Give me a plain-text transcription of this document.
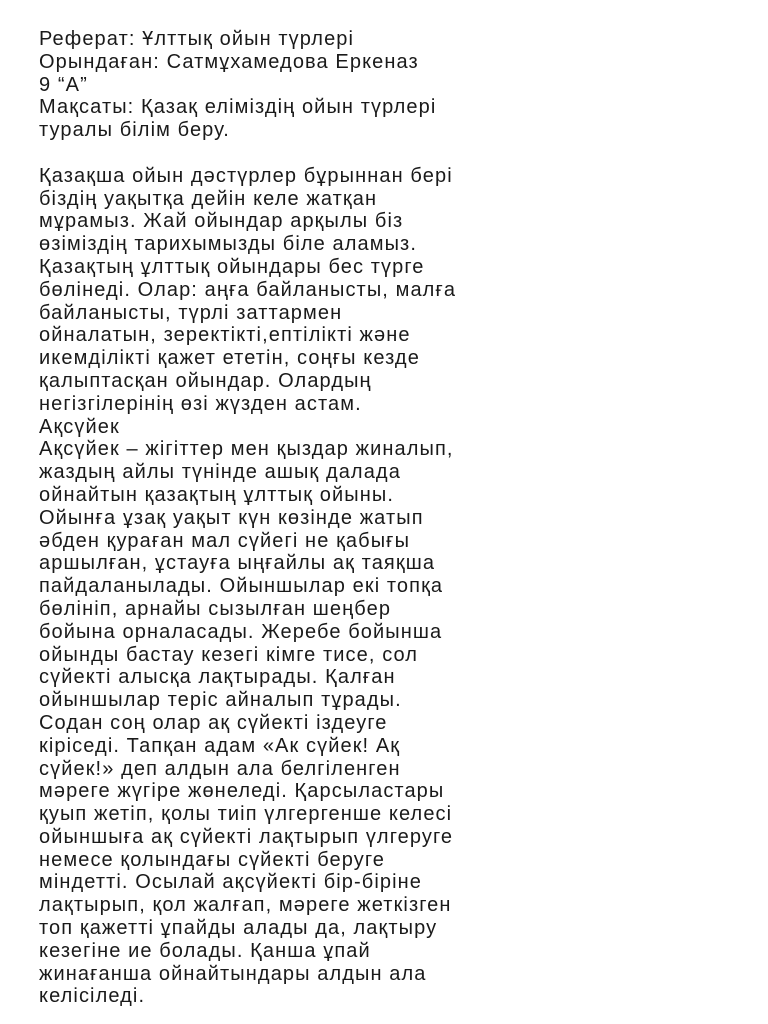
Реферат: Ұлттық ойын түрлері
Орындаған: Сатмұхамедова Еркеназ
9 “А”
Мақсаты: Қазақ еліміздің ойын түрлері
туралы білім беру.
Қазақша ойын дәстүрлер бұрыннан бері
біздің уақытқа дейін келе жатқан
мұрамыз. Жай ойындар арқылы біз
өзіміздің тарихымызды біле аламыз.
Қазақтың ұлттық ойындары бес түрге
бөлінеді. Олар: аңға байланысты, малға
байланысты, түрлі заттармен
ойналатын, зеректікті,ептілікті және
икемділікті қажет ететін, соңғы кезде
қалыптасқан ойындар. Олардың
негізгілерінің өзі жүзден астам.
Ақсүйек
Ақсүйек – жігіттер мен қыздар жиналып,
жаздың айлы түнінде ашық далада
ойнайтын қазақтың ұлттық ойыны.
Ойынға ұзақ уақыт күн көзінде жатып
әбден қураған мал сүйегі не қабығы
аршылған, ұстауға ыңғайлы ақ таяқша
пайдаланылады. Ойыншылар екі топқа
бөлініп, арнайы сызылған шеңбер
бойына орналасады. Жеребе бойынша
ойынды бастау кезегі кімге тисе, сол
сүйекті алысқа лақтырады. Қалған
ойыншылар теріс айналып тұрады.
Содан соң олар ақ сүйекті іздеуге
кіріседі. Тапқан адам «Ак сүйек! Ақ
сүйек!» деп алдын ала белгіленген
мәреге жүгіре жөнеледі. Қарсыластары
қуып жетіп, қолы тиіп үлгергенше келесі
ойыншыға ақ сүйекті лақтырып үлгеруге
немесе қолындағы сүйекті беруге
міндетті. Осылай ақсүйекті бір-біріне
лақтырып, қол жалғап, мәреге жеткізген
топ қажетті ұпайды алады да, лақтыру
кезегіне ие болады. Қанша ұпай
жинағанша ойнайтындары алдын ала
келісіледі.
